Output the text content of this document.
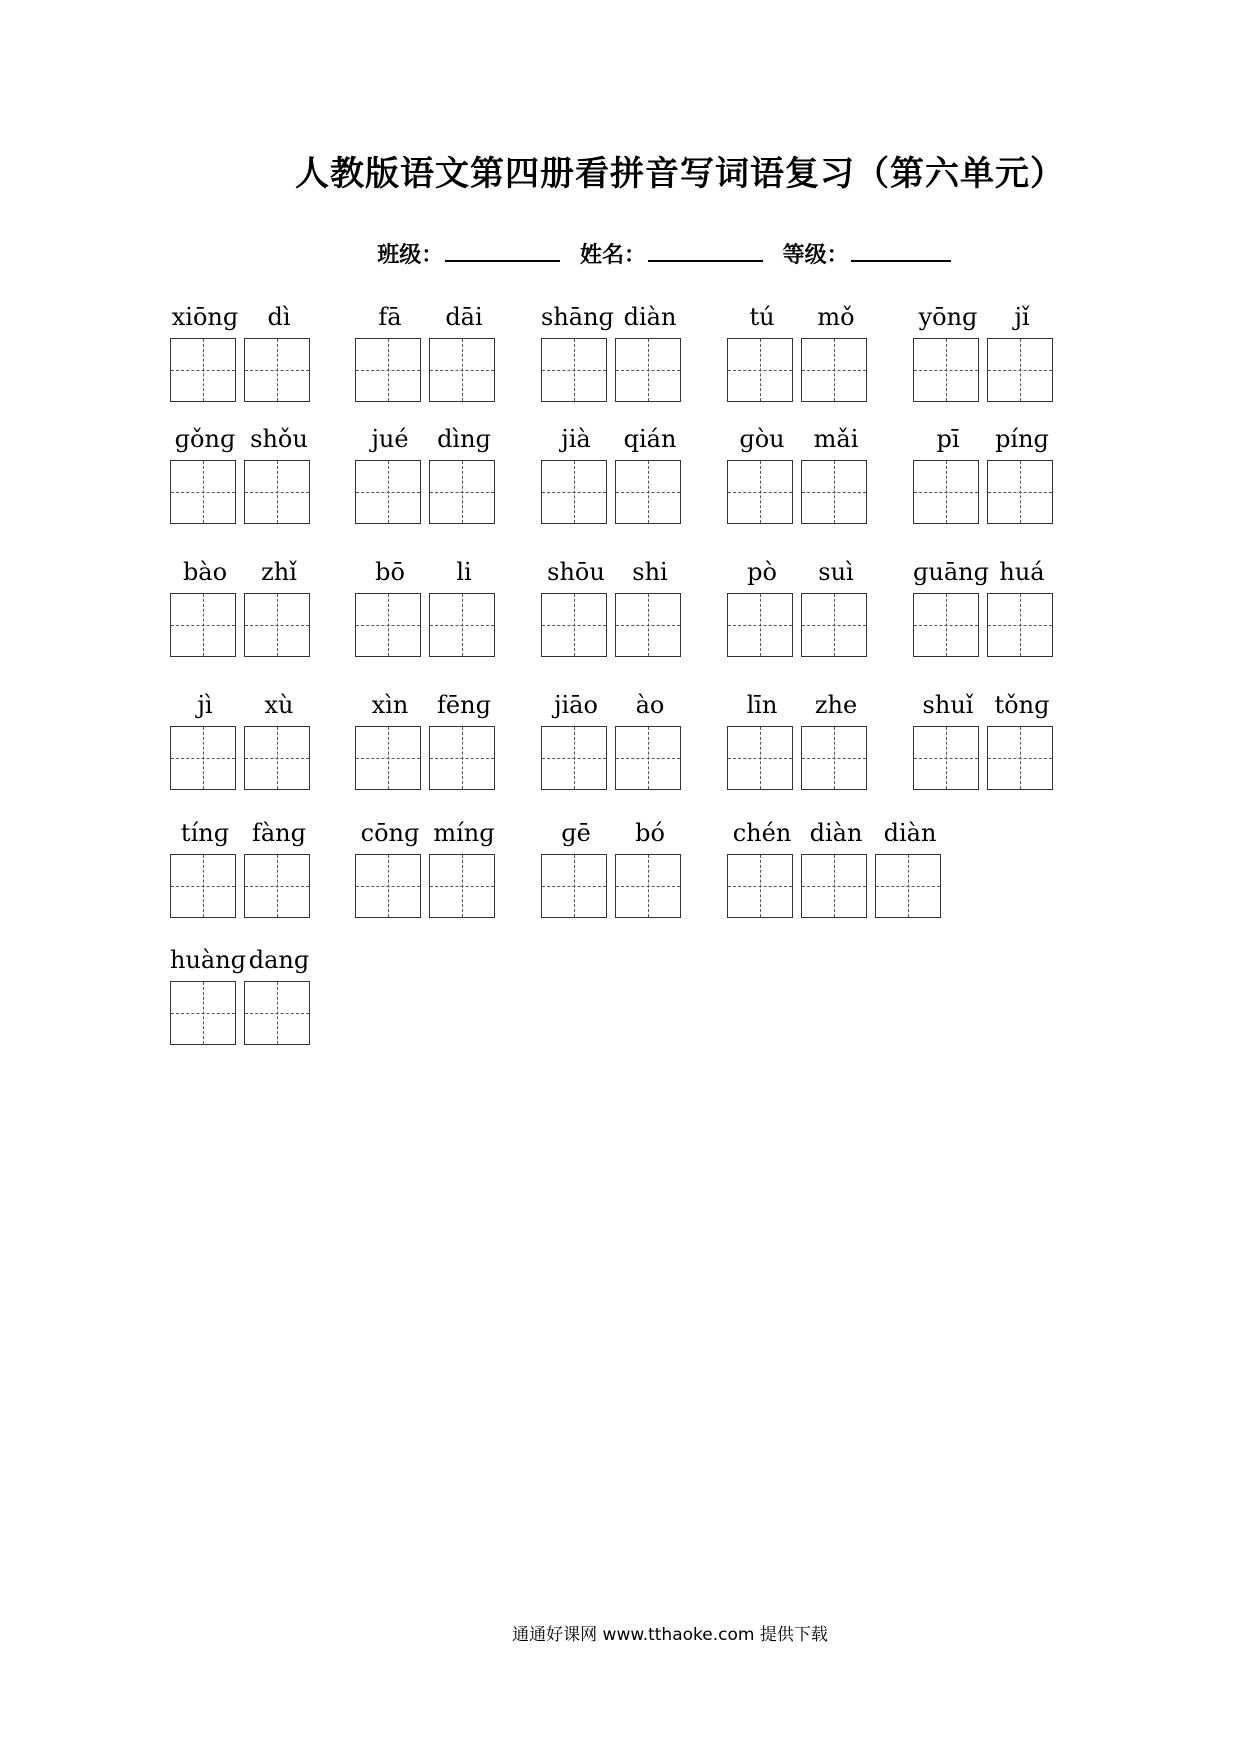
人教版语文第四册看拼音写词语复习（第六单元）
班级：	姓名：	等级：
xiōnɡ	dì	fā	dāi	shānɡ diàn	tú	mǒ	yōnɡ	jǐ
ɡǒnɡ shǒu	jué	dìnɡ	jià	qián	ɡòu	mǎi	pī	pínɡ
bào	zhǐ	bō	li	shōu	shi	pò	suì	ɡuānɡ huá
jì	xù	xìn	fēnɡ	jiāo	ào	līn	zhe	shuǐ tǒnɡ
tínɡ fànɡ	cōnɡ mínɡ	ɡē	bó	chén diàn diàn
huànɡ danɡ
通通好课网 www.tthaoke.com 提供下载
